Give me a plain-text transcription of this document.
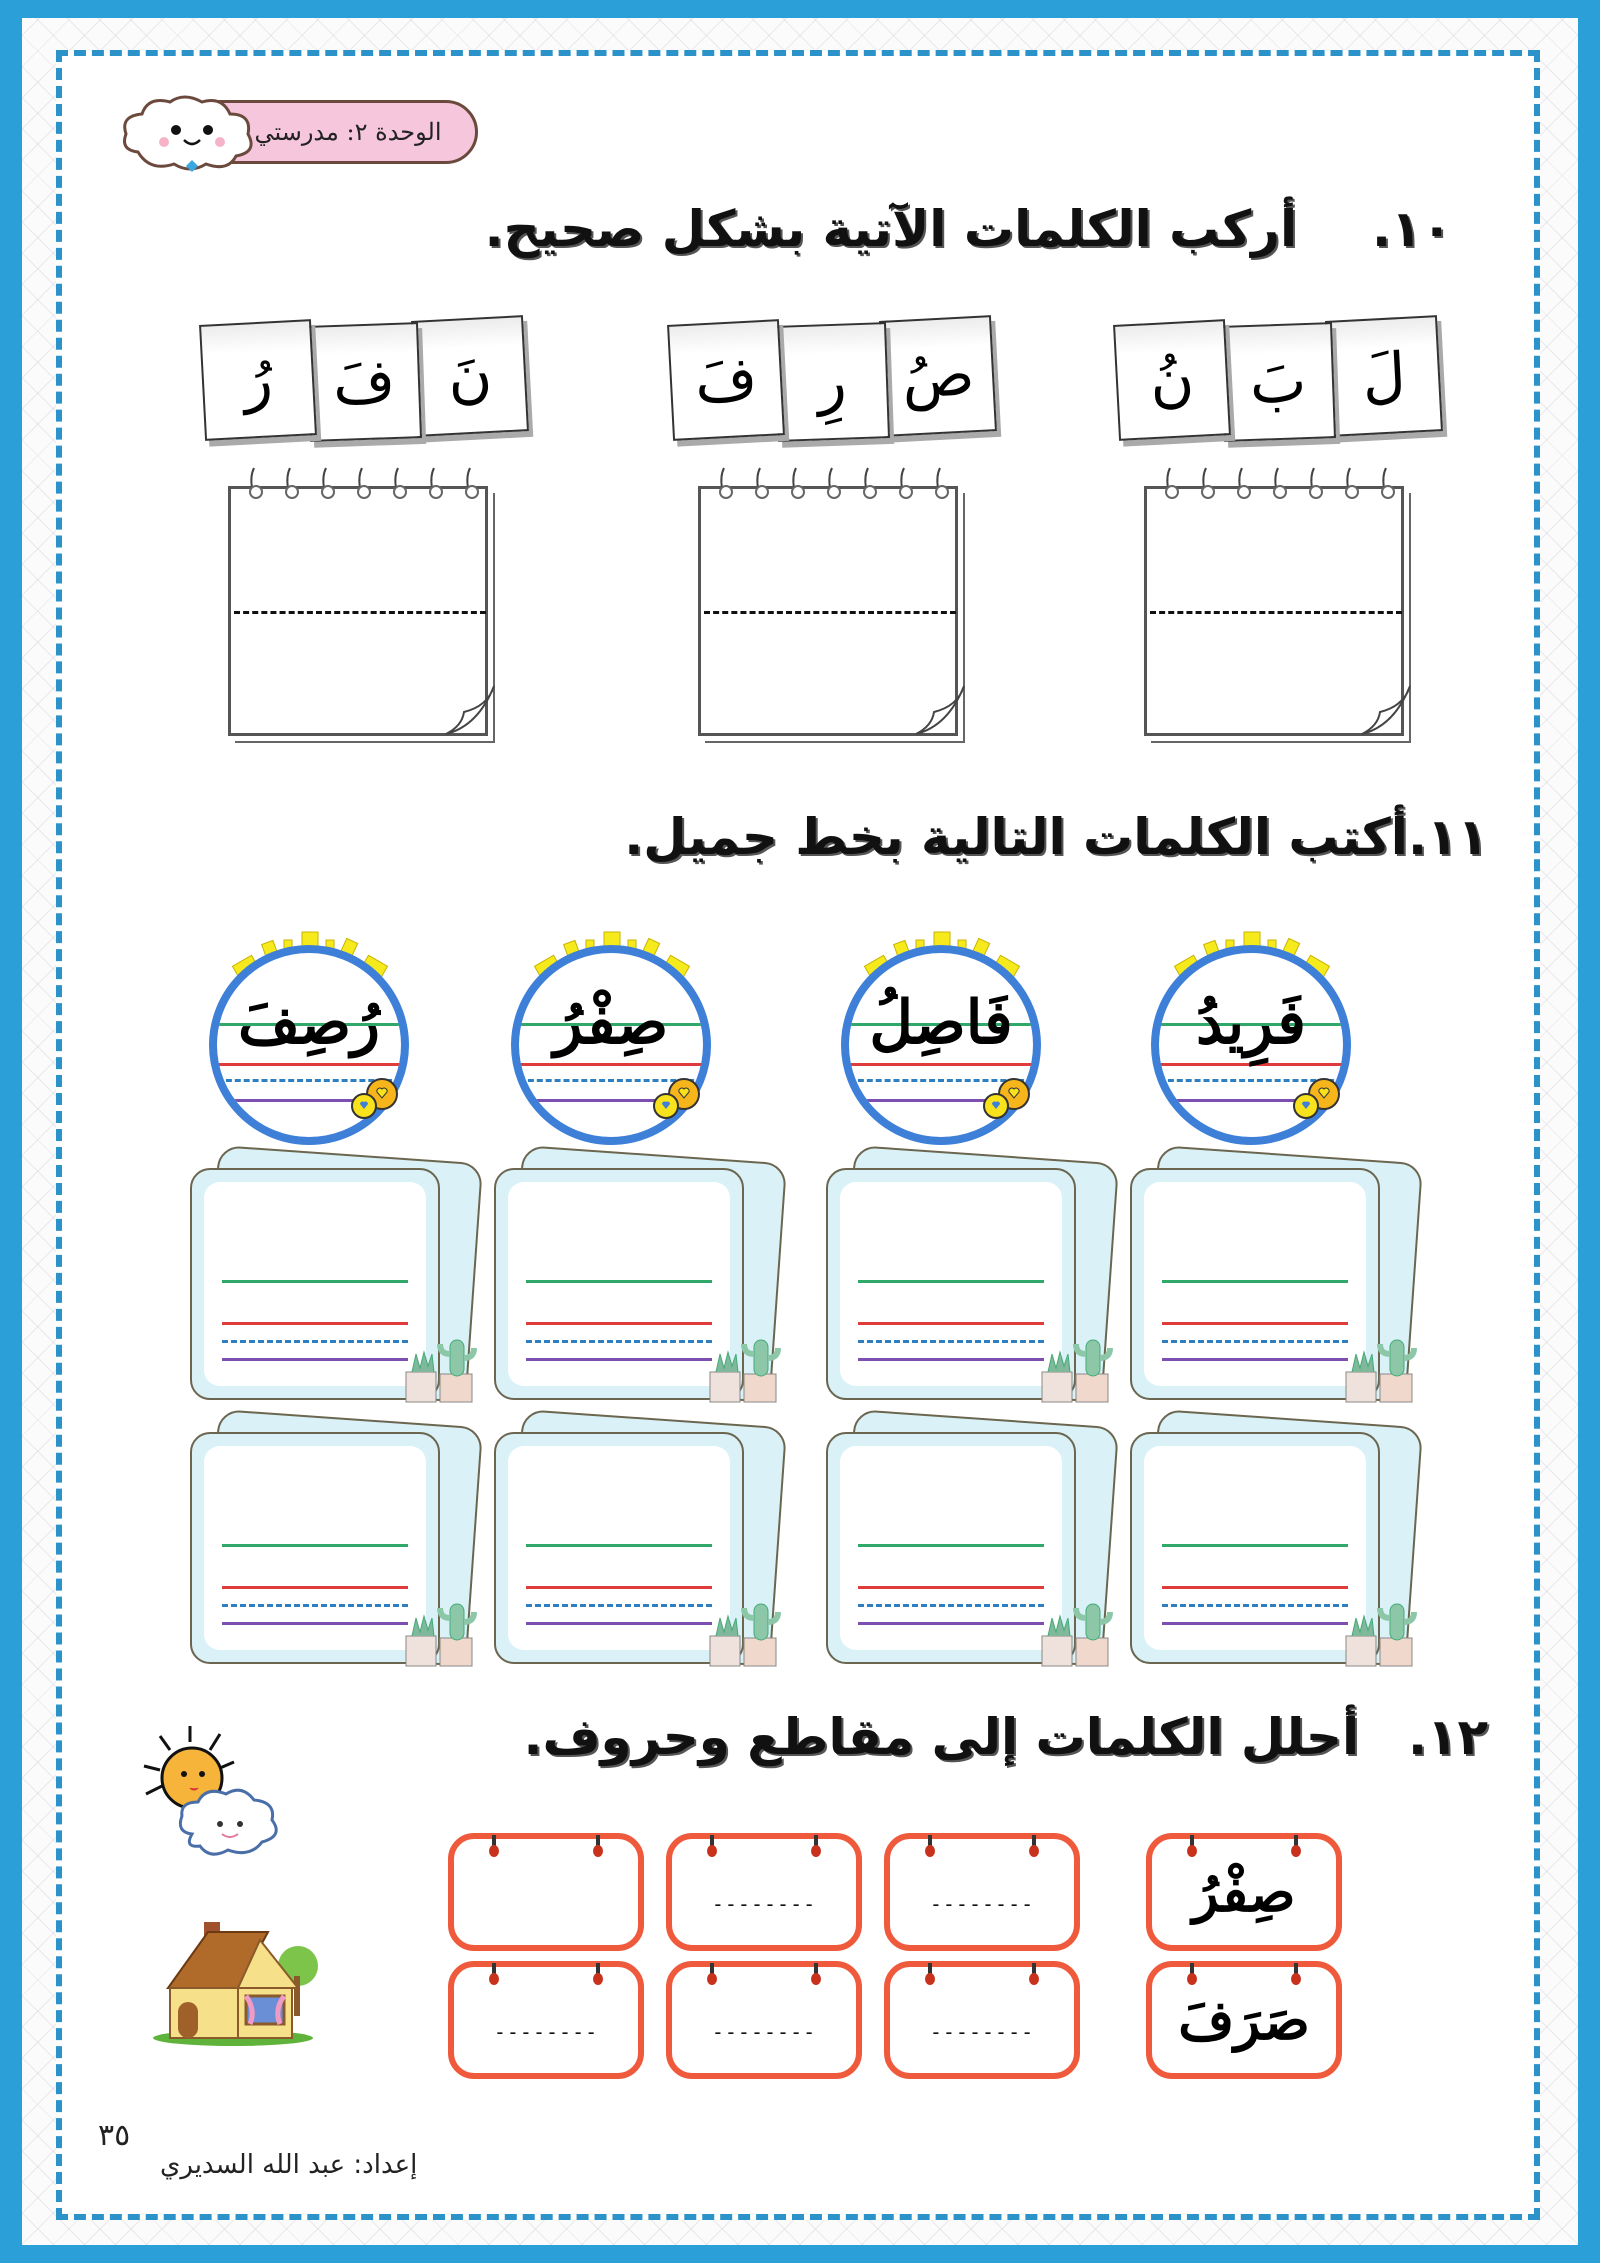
الوحدة ٢: مدرستي
١٠.  أركب الكلمات الآتية بشكل صحيح.
لَ
بَ
نُ
صُ
رِ
فَ
نَ
فَ
رُ
١١.أكتب الكلمات التالية بخط جميل.
فَرِيدُ
فَاصِلُ
صِفْرُ
رُصِفَ
١٢.  أحلل الكلمات إلى مقاطع وحروف.
صِفْرُ
--------
--------
صَرَفَ
--------
--------
--------
٣٥
إعداد: عبد الله السديري
